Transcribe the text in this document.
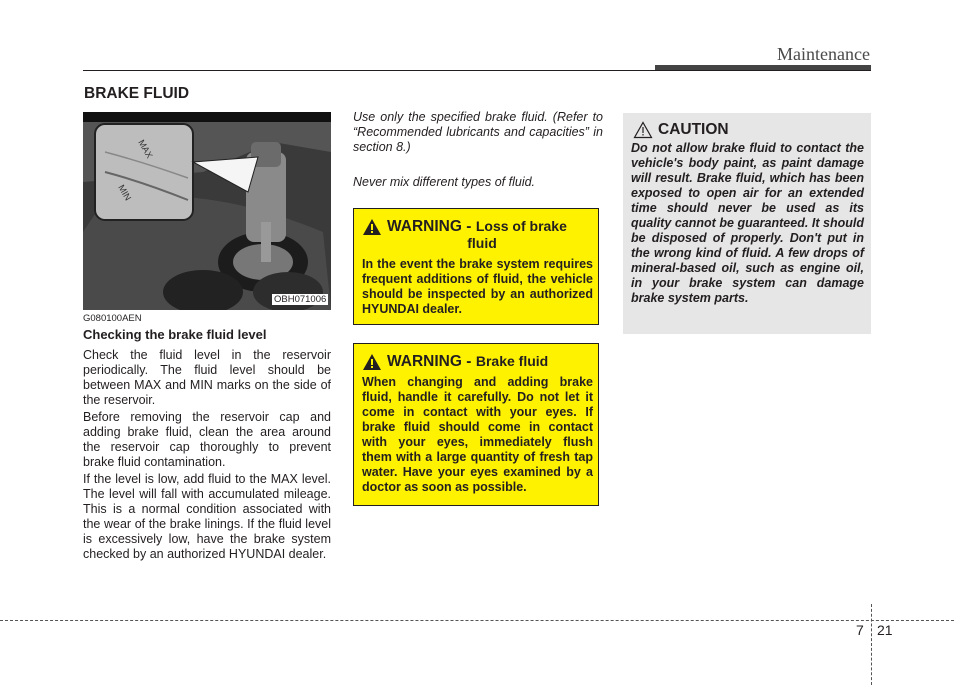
Maintenance
BRAKE FLUID
MAX
MIN
OBH071006
G080100AEN
Checking the brake fluid level
Check the fluid level in the reservoir periodically. The fluid level should be between MAX and MIN marks on the side of the reservoir.
Before removing the reservoir cap and adding brake fluid, clean the area around the reservoir cap thoroughly to prevent brake fluid contamination.
If the level is low, add fluid to the MAX level. The level will fall with accumulated mileage. This is a normal condition associated with the wear of the brake linings. If the fluid level is excessively low, have the brake system checked by an authorized HYUNDAI dealer.
Use only the specified brake fluid. (Refer to “Recommended lubricants and capacities” in section 8.)
Never mix different types of fluid.
WARNING - Loss of brake
fluid
In the event the brake system requires frequent additions of fluid, the vehicle should be inspected by an authorized HYUNDAI dealer.
WARNING - Brake fluid
When changing and adding brake fluid, handle it carefully. Do not let it come in contact with your eyes. If brake fluid should come in contact with your eyes, immediately flush them with a large quantity of fresh tap water. Have your eyes examined by a doctor as soon as possible.
CAUTION
Do not allow brake fluid to contact the vehicle's body paint, as paint damage will result. Brake fluid, which has been exposed to open air for an extended time should never be used as its quality cannot be guaranteed. It should be disposed of properly. Don't put in the wrong kind of fluid. A few drops of mineral-based oil, such as engine oil, in your brake system can damage brake system parts.
7 21
